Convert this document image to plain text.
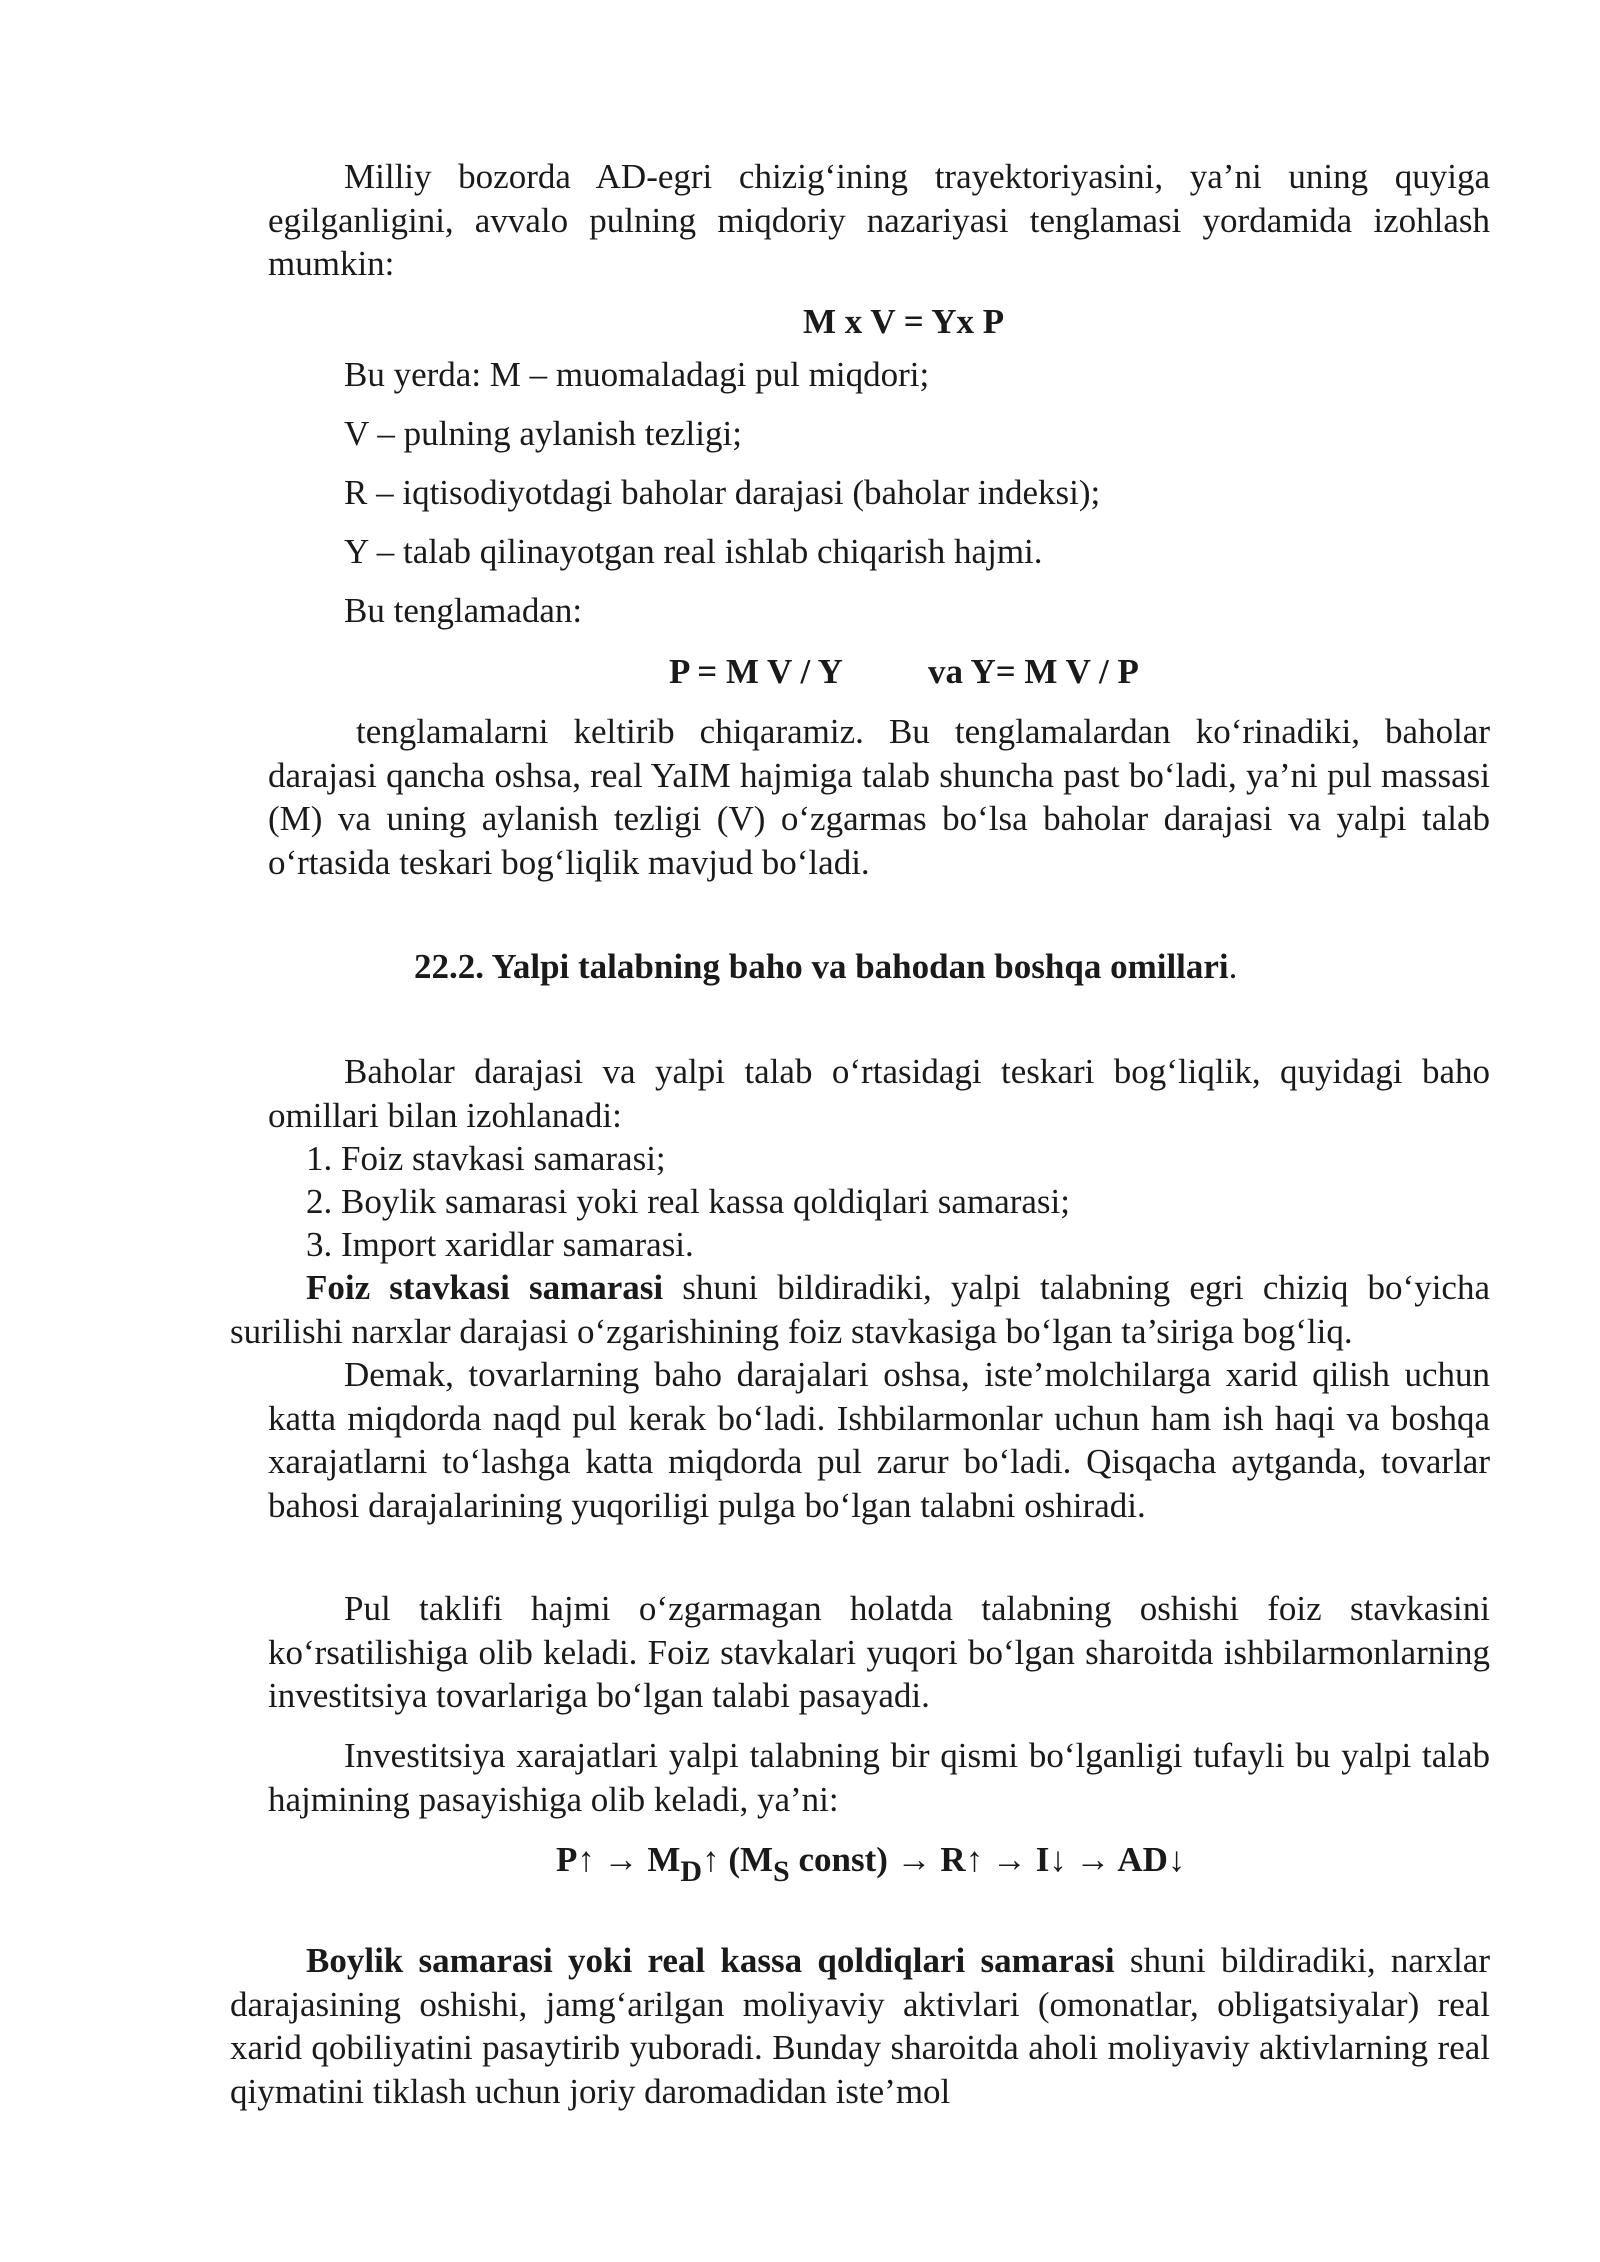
Milliy bozorda AD-egri chizig‘ining trayektoriyasini, ya’ni uning quyiga egilganligini, avvalo pulning miqdoriy nazariyasi tenglamasi yordamida izohlash mumkin:

M x V = Yx P

Bu yerda: M – muomaladagi pul miqdori;

V – pulning aylanish tezligi;

R – iqtisodiyotdagi baholar darajasi (baholar indeksi);

Y – talab qilinayotgan real ishlab chiqarish hajmi.

Bu tenglamadan:

P = M V / Y va Y= M V / P

tenglamalarni keltirib chiqaramiz. Bu tenglamalardan ko‘rinadiki, baholar darajasi qancha oshsa, real YaIM hajmiga talab shuncha past bo‘ladi, ya’ni pul massasi (M) va uning aylanish tezligi (V) o‘zgarmas bo‘lsa baholar darajasi va yalpi talab o‘rtasida teskari bog‘liqlik mavjud bo‘ladi.

22.2. Yalpi talabning baho va bahodan boshqa omillari.

Baholar darajasi va yalpi talab o‘rtasidagi teskari bog‘liqlik, quyidagi baho omillari bilan izohlanadi:

1. Foiz stavkasi samarasi;

2. Boylik samarasi yoki real kassa qoldiqlari samarasi;

3. Import xaridlar samarasi.

Foiz stavkasi samarasi shuni bildiradiki, yalpi talabning egri chiziq bo‘yicha surilishi narxlar darajasi o‘zgarishining foiz stavkasiga bo‘lgan ta’siriga bog‘liq.

Demak, tovarlarning baho darajalari oshsa, iste’molchilarga xarid qilish uchun katta miqdorda naqd pul kerak bo‘ladi. Ishbilarmonlar uchun ham ish haqi va boshqa xarajatlarni to‘lashga katta miqdorda pul zarur bo‘ladi. Qisqacha aytganda, tovarlar bahosi darajalarining yuqoriligi pulga bo‘lgan talabni oshiradi.

Pul taklifi hajmi o‘zgarmagan holatda talabning oshishi foiz stavkasini ko‘rsatilishiga olib keladi. Foiz stavkalari yuqori bo‘lgan sharoitda ishbilarmonlarning investitsiya tovarlariga bo‘lgan talabi pasayadi.

Investitsiya xarajatlari yalpi talabning bir qismi bo‘lganligi tufayli bu yalpi talab hajmining pasayishiga olib keladi, ya’ni:

P↑ → $M_D↑$ ($M_S$ const) → R↑ → I↓ → AD↓

Boylik samarasi yoki real kassa qoldiqlari samarasi shuni bildiradiki, narxlar darajasining oshishi, jamg‘arilgan moliyaviy aktivlari (omonatlar, obligatsiyalar) real xarid qobiliyatini pasaytirib yuboradi. Bunday sharoitda aholi moliyaviy aktivlarning real qiymatini tiklash uchun joriy daromadidan iste’mol
